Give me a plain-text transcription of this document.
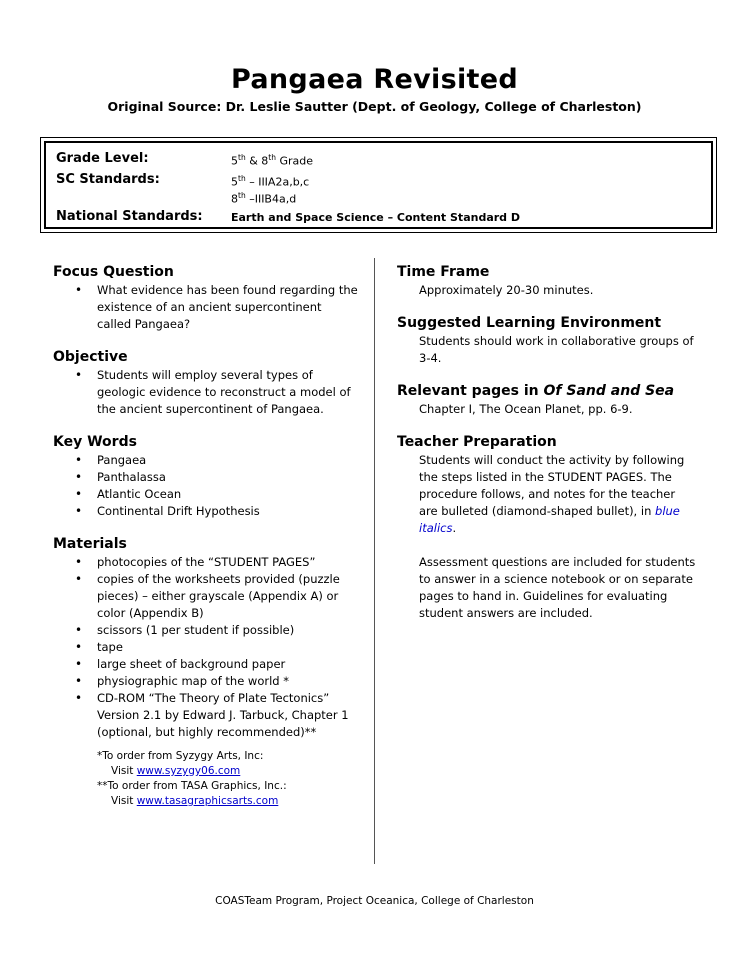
Pangaea Revisited
Original Source: Dr. Leslie Sautter (Dept. of Geology, College of Charleston)
Grade Level:	5th & 8th Grade
SC Standards:	5th – IIIA2a,b,c
8th –IIIB4a,d
National Standards:	Earth and Space Science – Content Standard D
Focus Question
• What evidence has been found regarding the existence of an ancient supercontinent called Pangaea?
Objective
• Students will employ several types of geologic evidence to reconstruct a model of the ancient supercontinent of Pangaea.
Key Words
• Pangaea
• Panthalassa
• Atlantic Ocean
• Continental Drift Hypothesis
Materials
• photocopies of the “STUDENT PAGES”
• copies of the worksheets provided (puzzle pieces) – either grayscale (Appendix A) or color (Appendix B)
• scissors (1 per student if possible)
• tape
• large sheet of background paper
• physiographic map of the world *
• CD-ROM “The Theory of Plate Tectonics” Version 2.1 by Edward J. Tarbuck, Chapter 1 (optional, but highly recommended)**
*To order from Syzygy Arts, Inc:
Visit www.syzygy06.com
**To order from TASA Graphics, Inc.:
Visit www.tasagraphicsarts.com
Time Frame
Approximately 20-30 minutes.
Suggested Learning Environment
Students should work in collaborative groups of 3-4.
Relevant pages in Of Sand and Sea
Chapter I, The Ocean Planet, pp. 6-9.
Teacher Preparation
Students will conduct the activity by following the steps listed in the STUDENT PAGES. The procedure follows, and notes for the teacher are bulleted (diamond-shaped bullet), in blue italics.
Assessment questions are included for students to answer in a science notebook or on separate pages to hand in. Guidelines for evaluating student answers are included.
COASTeam Program, Project Oceanica, College of Charleston
